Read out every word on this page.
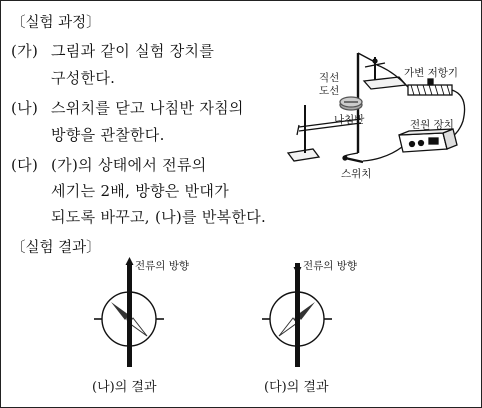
〔실험 과정〕
(가) 그림과 같이 실험 장치를
구성한다.
(나) 스위치를 닫고 나침반 자침의
방향을 관찰한다.
(다) (가)의 상태에서 전류의
세기는 2배, 방향은 반대가
되도록 바꾸고, (나)를 반복한다.
직선
도선
가변 저항기
나침반	전원 장치
스위치
〔실험 결과〕
전류의 방향	전류의 방향
(나)의 결과	(다)의 결과
